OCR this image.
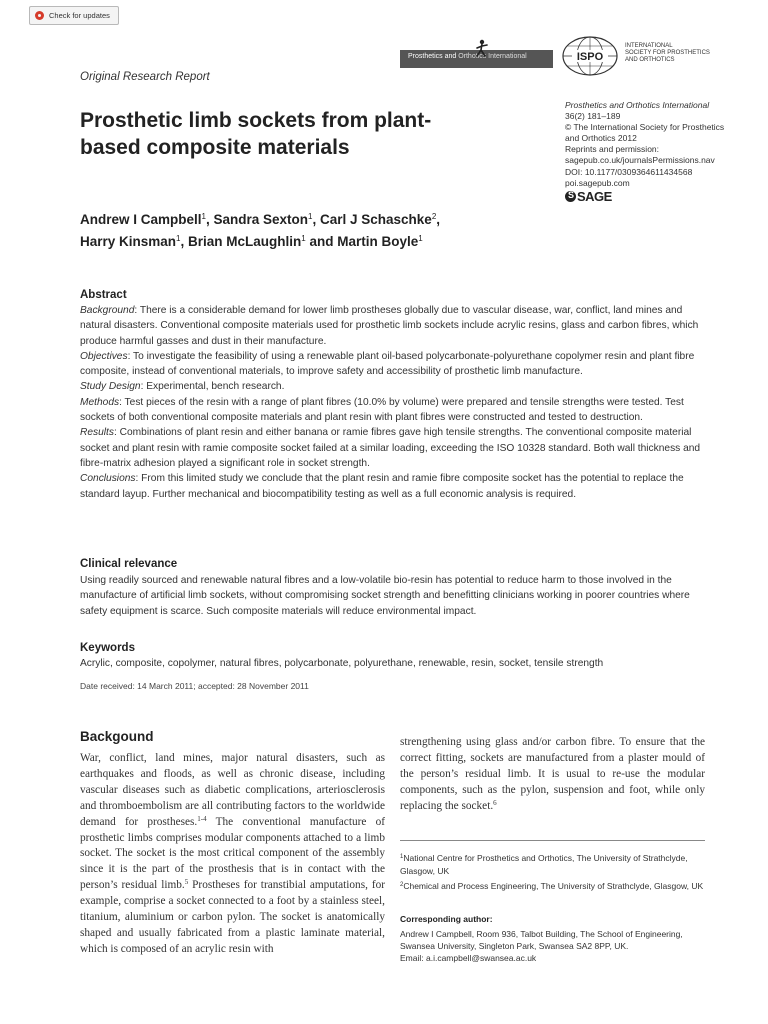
Check for updates
Prosthetics and Orthotics International	ISPO
INTERNATIONAL
SOCIETY FOR PROSTHETICS
AND ORTHOTICS
Original Research Report
Prosthetic limb sockets from plant-based composite materials
Prosthetics and Orthotics International
36(2) 181–189
© The International Society for Prosthetics and Orthotics 2012
Reprints and permission:
sagepub.co.uk/journalsPermissions.nav
DOI: 10.1177/0309364611434568
poi.sagepub.com
S SAGE
Andrew I Campbell$^1$, Sandra Sexton$^1$, Carl J Schaschke$^2$,
Harry Kinsman$^1$, Brian McLaughlin$^1$ and Martin Boyle$^1$
Abstract
Background: There is a considerable demand for lower limb prostheses globally due to vascular disease, war, conflict, land mines and natural disasters. Conventional composite materials used for prosthetic limb sockets include acrylic resins, glass and carbon fibres, which produce harmful gasses and dust in their manufacture.
Objectives: To investigate the feasibility of using a renewable plant oil-based polycarbonate-polyurethane copolymer resin and plant fibre composite, instead of conventional materials, to improve safety and accessibility of prosthetic limb manufacture.
Study Design: Experimental, bench research.
Methods: Test pieces of the resin with a range of plant fibres (10.0% by volume) were prepared and tensile strengths were tested. Test sockets of both conventional composite materials and plant resin with plant fibres were constructed and tested to destruction.
Results: Combinations of plant resin and either banana or ramie fibres gave high tensile strengths. The conventional composite material socket and plant resin with ramie composite socket failed at a similar loading, exceeding the ISO 10328 standard. Both wall thickness and fibre-matrix adhesion played a significant role in socket strength.
Conclusions: From this limited study we conclude that the plant resin and ramie fibre composite socket has the potential to replace the standard layup. Further mechanical and biocompatibility testing as well as a full economic analysis is required.
Clinical relevance
Using readily sourced and renewable natural fibres and a low-volatile bio-resin has potential to reduce harm to those involved in the manufacture of artificial limb sockets, without compromising socket strength and benefitting clinicians working in poorer countries where safety equipment is scarce. Such composite materials will reduce environmental impact.
Keywords
Acrylic, composite, copolymer, natural fibres, polycarbonate, polyurethane, renewable, resin, socket, tensile strength
Date received: 14 March 2011; accepted: 28 November 2011
Backgound
War, conflict, land mines, major natural disasters, such as earthquakes and floods, as well as chronic disease, including vascular diseases such as diabetic complications, arteriosclerosis and thromboembolism are all contributing factors to the worldwide demand for prostheses.$^{1-4}$ The conventional manufacture of prosthetic limbs comprises modular components attached to a limb socket. The socket is the most critical component of the assembly since it is the part of the prosthesis that is in contact with the person’s residual limb.$^5$ Prostheses for transtibial amputations, for example, comprise a socket connected to a foot by a stainless steel, titanium, aluminium or carbon pylon. The socket is anatomically shaped and usually fabricated from a plastic laminate material, which is composed of an acrylic resin with
strengthening using glass and/or carbon fibre. To ensure that the correct fitting, sockets are manufactured from a plaster mould of the person’s residual limb. It is usual to re-use the modular components, such as the pylon, suspension and foot, while only replacing the socket.$^6$
$^1$National Centre for Prosthetics and Orthotics, The University of Strathclyde, Glasgow, UK
$^2$Chemical and Process Engineering, The University of Strathclyde, Glasgow, UK
Corresponding author:
Andrew I Campbell, Room 936, Talbot Building, The School of Engineering, Swansea University, Singleton Park, Swansea SA2 8PP, UK.
Email: a.i.campbell@swansea.ac.uk
